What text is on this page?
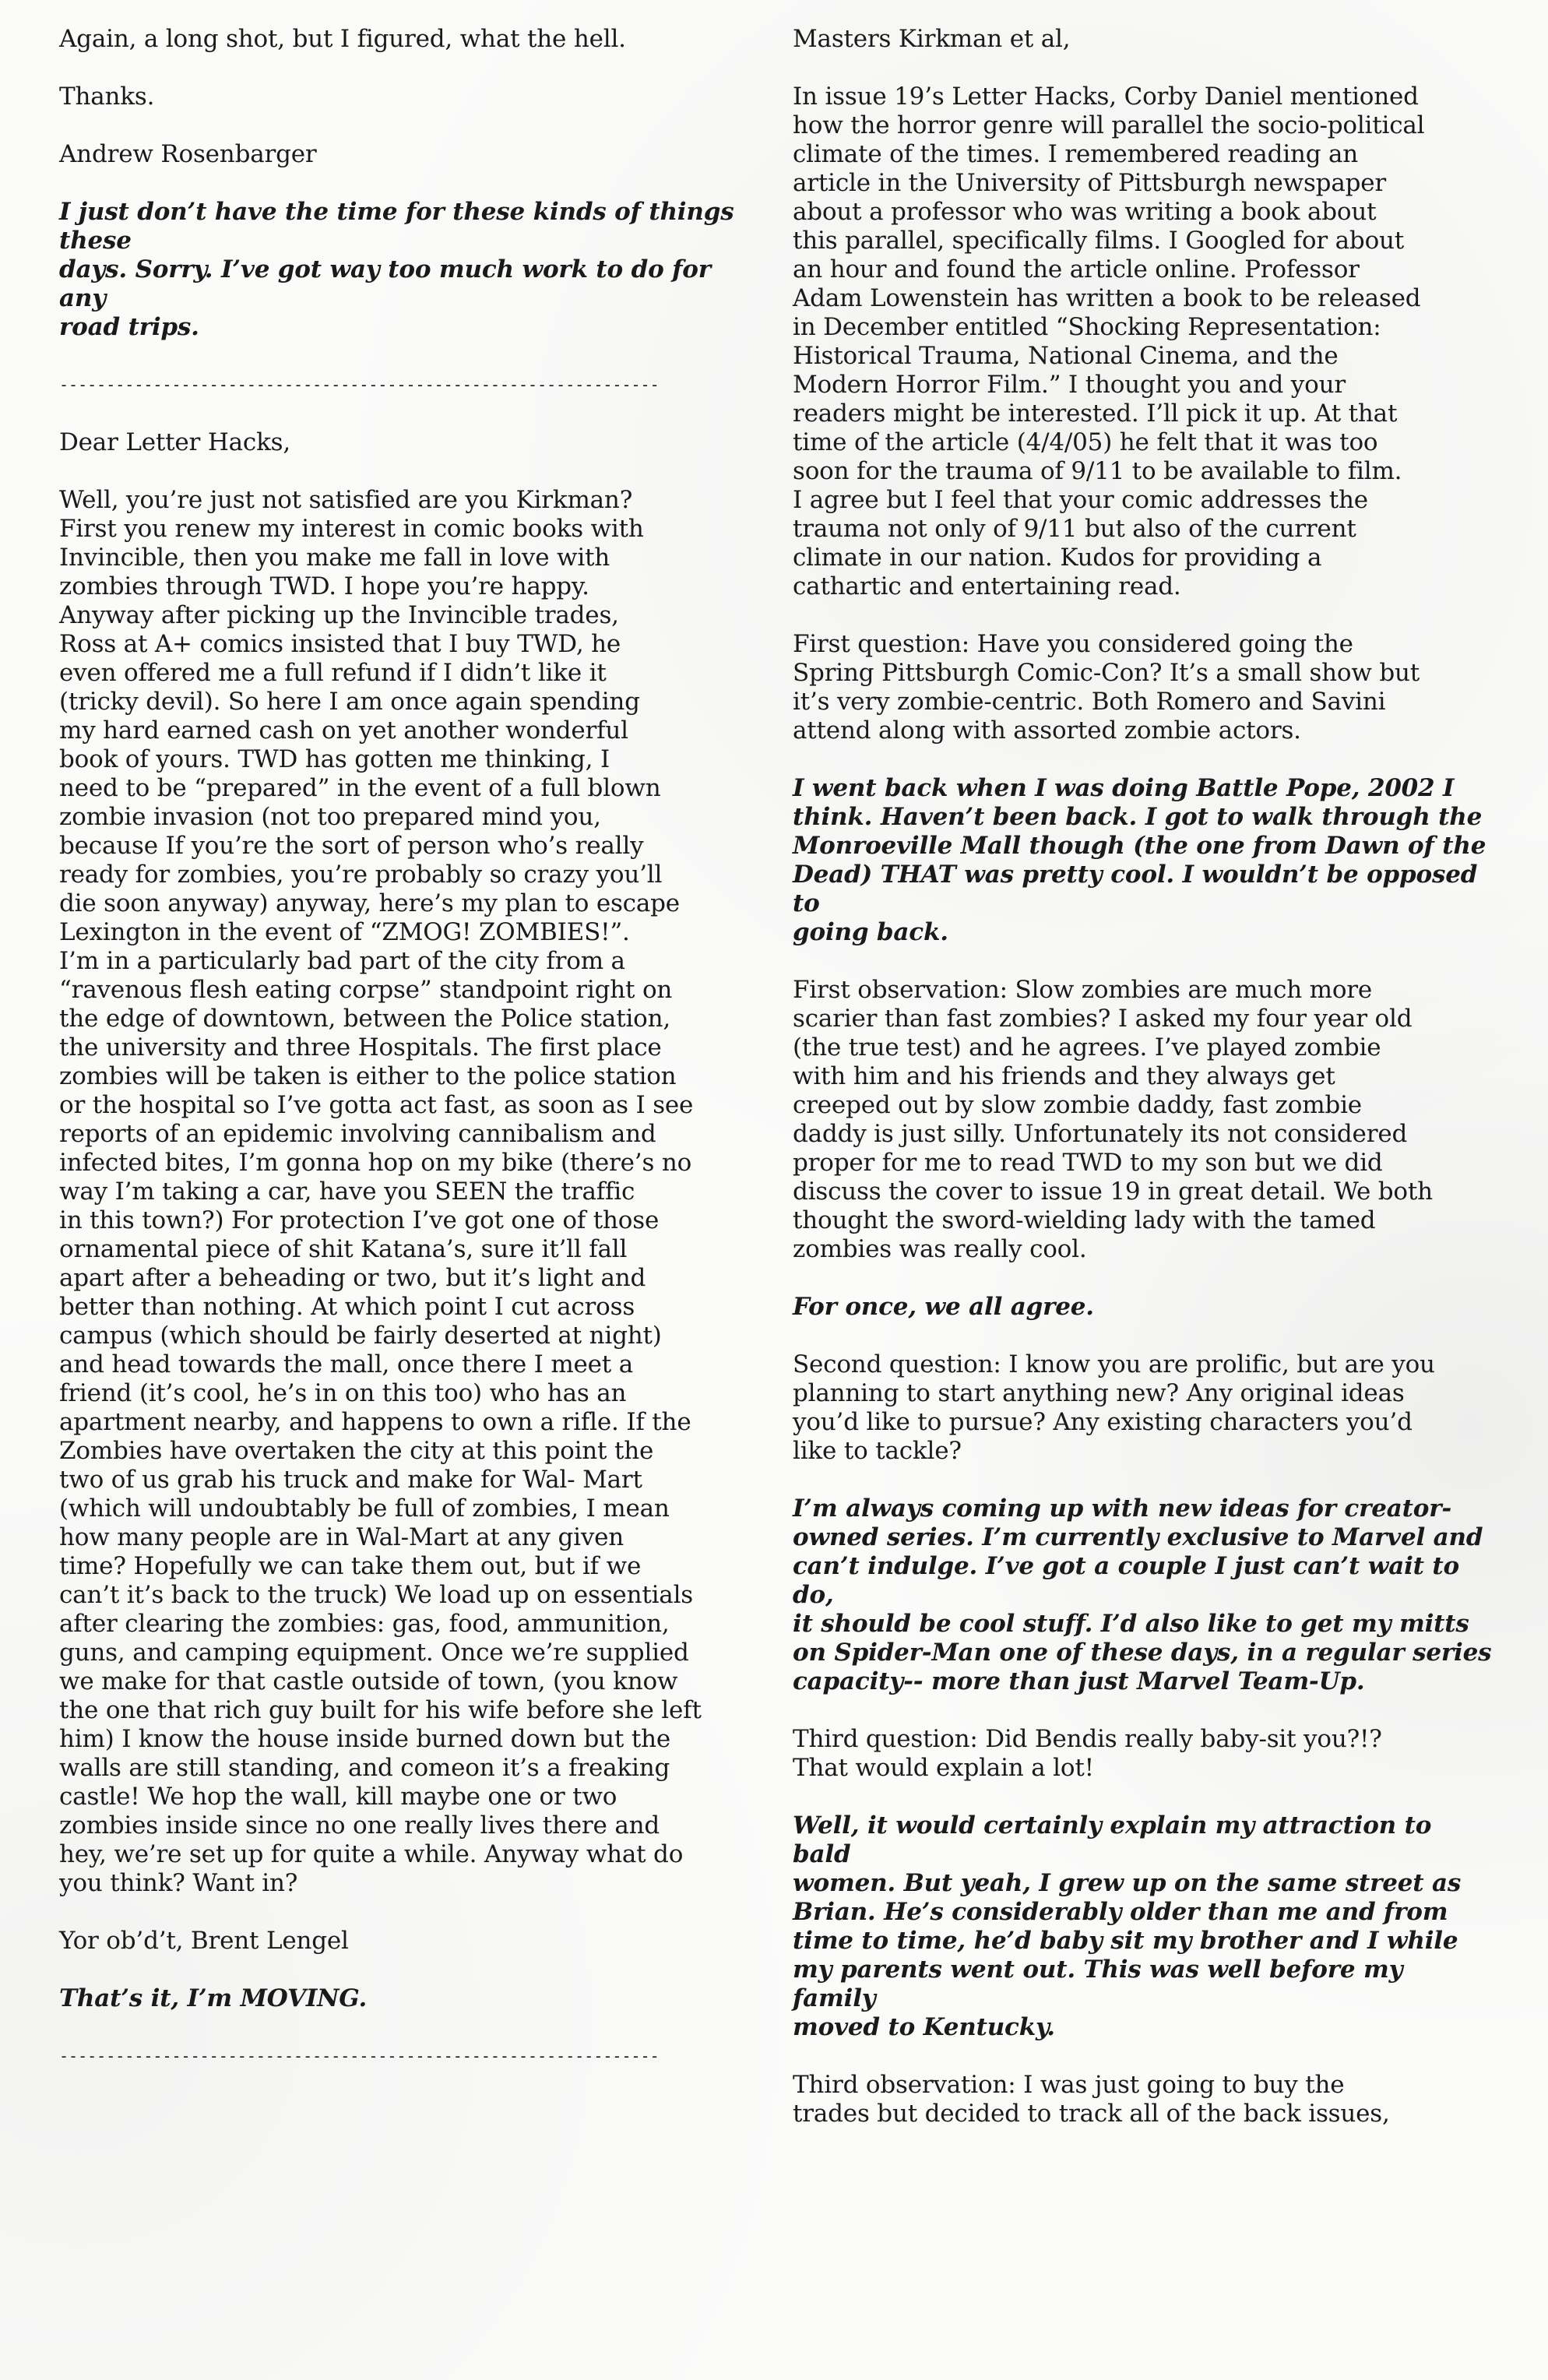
Again, a long shot, but I figured, what the hell.

Thanks.

Andrew Rosenbarger

I just don’t have the time for these kinds of things these
days. Sorry. I’ve got way too much work to do for any
road trips.

----------------------------------------------------------------

Dear Letter Hacks,

Well, you’re just not satisfied are you Kirkman?
First you renew my interest in comic books with
Invincible, then you make me fall in love with
zombies through TWD. I hope you’re happy.
Anyway after picking up the Invincible trades,
Ross at A+ comics insisted that I buy TWD, he
even offered me a full refund if I didn’t like it
(tricky devil). So here I am once again spending
my hard earned cash on yet another wonderful
book of yours. TWD has gotten me thinking, I
need to be “prepared” in the event of a full blown
zombie invasion (not too prepared mind you,
because If you’re the sort of person who’s really
ready for zombies, you’re probably so crazy you’ll
die soon anyway) anyway, here’s my plan to escape
Lexington in the event of “ZMOG! ZOMBIES!”.
I’m in a particularly bad part of the city from a
“ravenous flesh eating corpse” standpoint right on
the edge of downtown, between the Police station,
the university and three Hospitals. The first place
zombies will be taken is either to the police station
or the hospital so I’ve gotta act fast, as soon as I see
reports of an epidemic involving cannibalism and
infected bites, I’m gonna hop on my bike (there’s no
way I’m taking a car, have you SEEN the traffic
in this town?) For protection I’ve got one of those
ornamental piece of shit Katana’s, sure it’ll fall
apart after a beheading or two, but it’s light and
better than nothing. At which point I cut across
campus (which should be fairly deserted at night)
and head towards the mall, once there I meet a
friend (it’s cool, he’s in on this too) who has an
apartment nearby, and happens to own a rifle. If the
Zombies have overtaken the city at this point the
two of us grab his truck and make for Wal- Mart
(which will undoubtably be full of zombies, I mean
how many people are in Wal-Mart at any given
time? Hopefully we can take them out, but if we
can’t it’s back to the truck) We load up on essentials
after clearing the zombies: gas, food, ammunition,
guns, and camping equipment. Once we’re supplied
we make for that castle outside of town, (you know
the one that rich guy built for his wife before she left
him) I know the house inside burned down but the
walls are still standing, and comeon it’s a freaking
castle! We hop the wall, kill maybe one or two
zombies inside since no one really lives there and
hey, we’re set up for quite a while. Anyway what do
you think? Want in?

Yor ob’d’t, Brent Lengel

That’s it, I’m MOVING.

----------------------------------------------------------------

Masters Kirkman et al,

In issue 19’s Letter Hacks, Corby Daniel mentioned
how the horror genre will parallel the socio-political
climate of the times. I remembered reading an
article in the University of Pittsburgh newspaper
about a professor who was writing a book about
this parallel, specifically films. I Googled for about
an hour and found the article online. Professor
Adam Lowenstein has written a book to be released
in December entitled “Shocking Representation:
Historical Trauma, National Cinema, and the
Modern Horror Film.” I thought you and your
readers might be interested. I’ll pick it up. At that
time of the article (4/4/05) he felt that it was too
soon for the trauma of 9/11 to be available to film.
I agree but I feel that your comic addresses the
trauma not only of 9/11 but also of the current
climate in our nation. Kudos for providing a
cathartic and entertaining read.

First question: Have you considered going the
Spring Pittsburgh Comic-Con? It’s a small show but
it’s very zombie-centric. Both Romero and Savini
attend along with assorted zombie actors.

I went back when I was doing Battle Pope, 2002 I
think. Haven’t been back. I got to walk through the
Monroeville Mall though (the one from Dawn of the
Dead) THAT was pretty cool. I wouldn’t be opposed to
going back.

First observation: Slow zombies are much more
scarier than fast zombies? I asked my four year old
(the true test) and he agrees. I’ve played zombie
with him and his friends and they always get
creeped out by slow zombie daddy, fast zombie
daddy is just silly. Unfortunately its not considered
proper for me to read TWD to my son but we did
discuss the cover to issue 19 in great detail. We both
thought the sword-wielding lady with the tamed
zombies was really cool.

For once, we all agree.

Second question: I know you are prolific, but are you
planning to start anything new? Any original ideas
you’d like to pursue? Any existing characters you’d
like to tackle?

I’m always coming up with new ideas for creator-
owned series. I’m currently exclusive to Marvel and
can’t indulge. I’ve got a couple I just can’t wait to do,
it should be cool stuff. I’d also like to get my mitts
on Spider-Man one of these days, in a regular series
capacity-- more than just Marvel Team-Up.

Third question: Did Bendis really baby-sit you?!?
That would explain a lot!

Well, it would certainly explain my attraction to bald
women. But yeah, I grew up on the same street as
Brian. He’s considerably older than me and from
time to time, he’d baby sit my brother and I while
my parents went out. This was well before my family
moved to Kentucky.

Third observation: I was just going to buy the
trades but decided to track all of the back issues,
